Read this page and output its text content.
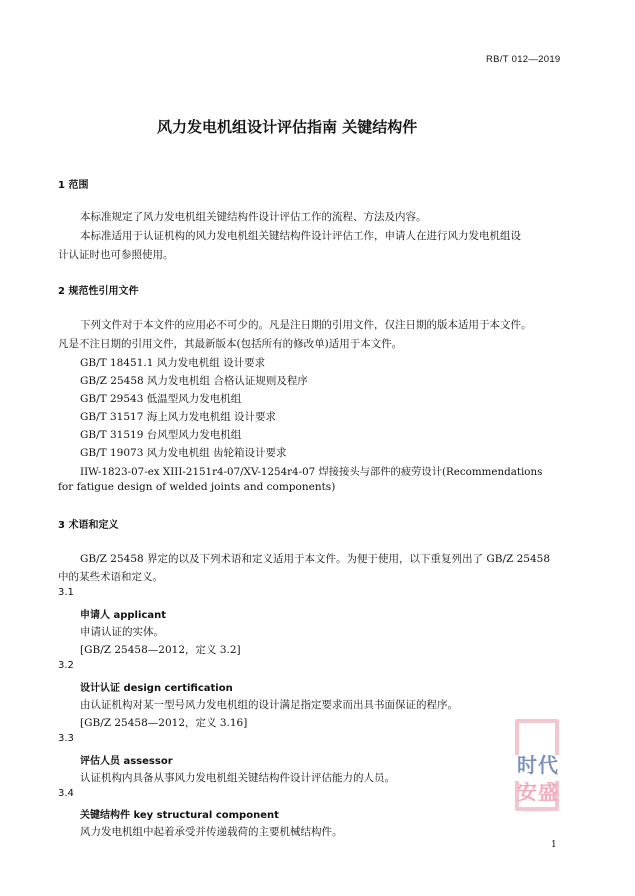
RB/T 012—2019
风力发电机组设计评估指南 关键结构件
1 范围
本标准规定了风力发电机组关键结构件设计评估工作的流程、方法及内容。
本标准适用于认证机构的风力发电机组关键结构件设计评估工作，申请人在进行风力发电机组设
计认证时也可参照使用。
2 规范性引用文件
下列文件对于本文件的应用必不可少的。凡是注日期的引用文件，仅注日期的版本适用于本文件。
凡是不注日期的引用文件，其最新版本(包括所有的修改单)适用于本文件。
GB/T 18451.1 风力发电机组 设计要求
GB/Z 25458 风力发电机组 合格认证规则及程序
GB/T 29543 低温型风力发电机组
GB/T 31517 海上风力发电机组 设计要求
GB/T 31519 台风型风力发电机组
GB/T 19073 风力发电机组 齿轮箱设计要求
IIW-1823-07-ex XIII-2151r4-07/XV-1254r4-07 焊接接头与部件的疲劳设计(Recommendations
for fatigue design of welded joints and components)
3 术语和定义
GB/Z 25458 界定的以及下列术语和定义适用于本文件。为便于使用，以下重复列出了 GB/Z 25458
中的某些术语和定义。
3.1
申请人 applicant
申请认证的实体。
[GB/Z 25458—2012，定义 3.2]
3.2
设计认证 design certification
由认证机构对某一型号风力发电机组的设计满足指定要求而出具书面保证的程序。
[GB/Z 25458—2012，定义 3.16]
3.3
评估人员 assessor
认证机构内具备从事风力发电机组关键结构件设计评估能力的人员。
3.4
关键结构件 key structural component
风力发电机组中起着承受并传递载荷的主要机械结构件。
时代
安盛
1
